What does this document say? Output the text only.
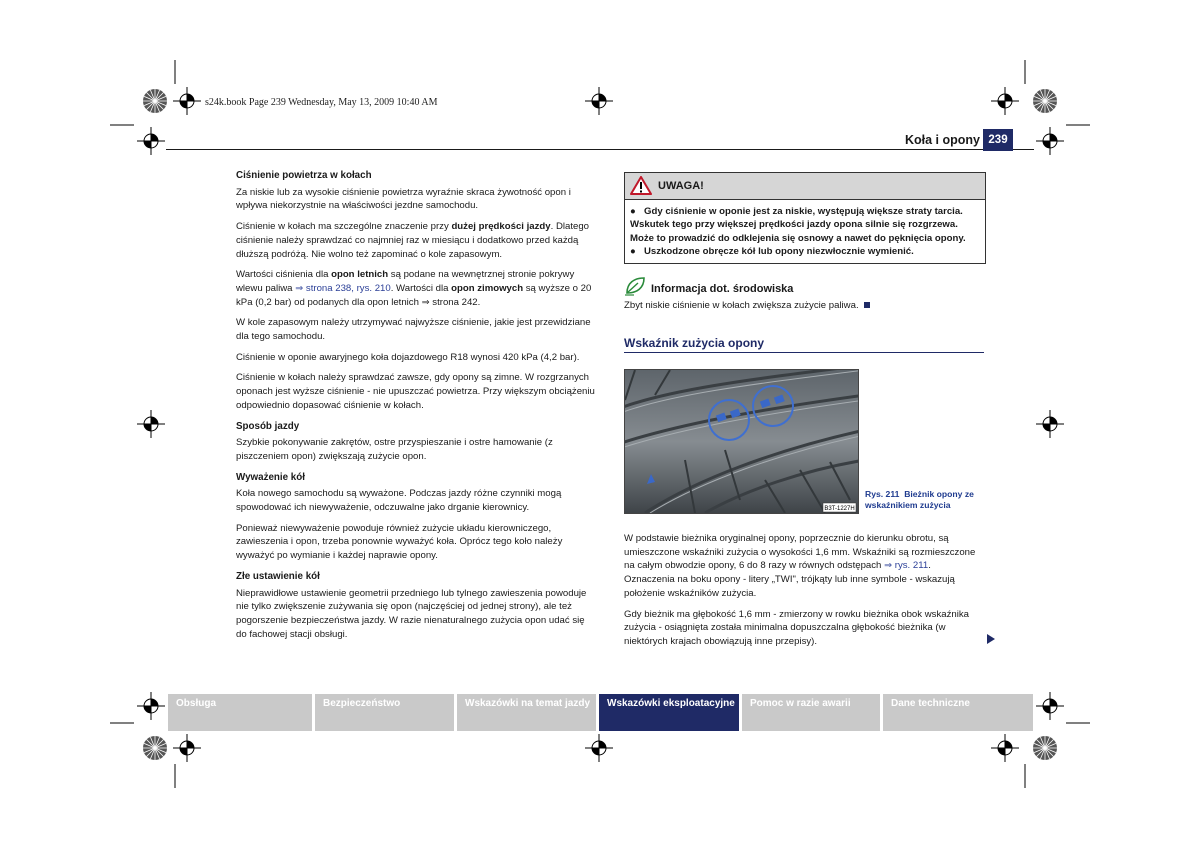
s24k.book Page 239 Wednesday, May 13, 2009 10:40 AM
Koła i opony 239
Ciśnienie powietrza w kołach

Za niskie lub za wysokie ciśnienie powietrza wyraźnie skraca żywotność opon i wpływa niekorzystnie na właściwości jezdne samochodu.

Ciśnienie w kołach ma szczególne znaczenie przy dużej prędkości jazdy. Dlatego ciśnienie należy sprawdzać co najmniej raz w miesiącu i dodatkowo przed każdą dłuższą podróżą. Nie wolno też zapominać o kole zapasowym.

Wartości ciśnienia dla opon letnich są podane na wewnętrznej stronie pokrywy wlewu paliwa ⇒ strona 238, rys. 210. Wartości dla opon zimowych są wyższe o 20 kPa (0,2 bar) od podanych dla opon letnich ⇒ strona 242.

W kole zapasowym należy utrzymywać najwyższe ciśnienie, jakie jest przewidziane dla tego samochodu.

Ciśnienie w oponie awaryjnego koła dojazdowego R18 wynosi 420 kPa (4,2 bar).

Ciśnienie w kołach należy sprawdzać zawsze, gdy opony są zimne. W rozgrzanych oponach jest wyższe ciśnienie - nie upuszczać powietrza. Przy większym obciążeniu odpowiednio dopasować ciśnienie w kołach.

Sposób jazdy

Szybkie pokonywanie zakrętów, ostre przyspieszanie i ostre hamowanie (z piszczeniem opon) zwiększają zużycie opon.

Wyważenie kół

Koła nowego samochodu są wyważone. Podczas jazdy różne czynniki mogą spowodować ich niewyważenie, odczuwalne jako drganie kierownicy.

Ponieważ niewyważenie powoduje również zużycie układu kierowniczego, zawieszenia i opon, trzeba ponownie wyważyć koła. Oprócz tego koło należy wyważyć po wymianie i każdej naprawie opony.

Złe ustawienie kół

Nieprawidłowe ustawienie geometrii przedniego lub tylnego zawieszenia powoduje nie tylko zwiększenie zużywania się opon (najczęściej od jednej strony), ale też pogorszenie bezpieczeństwa jazdy. W razie nienaturalnego zużycia opon udać się do fachowej stacji obsługi.

UWAGA!
● Gdy ciśnienie w oponie jest za niskie, występują większe straty tarcia.
Wskutek tego przy większej prędkości jazdy opona silnie się rozgrzewa.
Może to prowadzić do odklejenia się osnowy a nawet do pęknięcia opony.
● Uszkodzone obręcze kół lub opony niezwłocznie wymienić.
Informacja dot. środowiska
Zbyt niskie ciśnienie w kołach zwiększa zużycie paliwa.
Wskaźnik zużycia opony
B3T-1227H
Rys. 211 Bieżnik opony ze wskaźnikiem zużycia

W podstawie bieżnika oryginalnej opony, poprzecznie do kierunku obrotu, są umieszczone wskaźniki zużycia o wysokości 1,6 mm. Wskaźniki są rozmieszczone na całym obwodzie opony, 6 do 8 razy w równych odstępach ⇒ rys. 211. Oznaczenia na boku opony - litery „TWI", trójkąty lub inne symbole - wskazują położenie wskaźników zużycia.

Gdy bieżnik ma głębokość 1,6 mm - zmierzony w rowku bieżnika obok wskaźnika zużycia - osiągnięta została minimalna dopuszczalna głębokość bieżnika (w niektórych krajach obowiązują inne przepisy).

Obsługa	Bezpieczeństwo	Wskazówki na temat jazdy	Wskazówki eksploatacyjne	Pomoc w razie awarii	Dane techniczne
